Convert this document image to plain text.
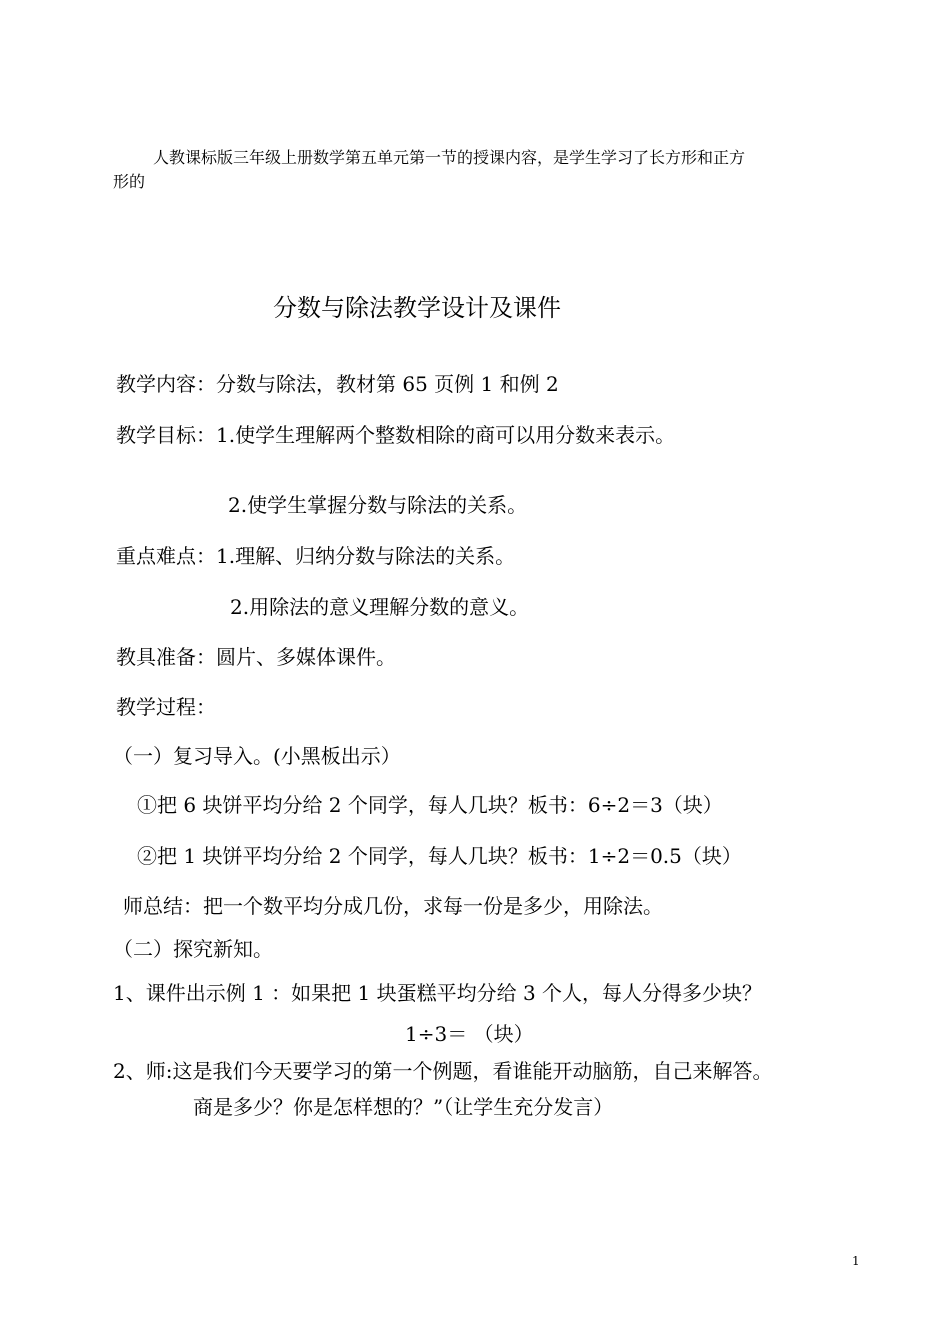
人教课标版三年级上册数学第五单元第一节的授课内容，是学生学习了长方形和正方
形的
分数与除法教学设计及课件
教学内容：分数与除法，教材第 65 页例 1 和例 2
教学目标：1.使学生理解两个整数相除的商可以用分数来表示。
2.使学生掌握分数与除法的关系。
重点难点：1.理解、归纳分数与除法的关系。
2.用除法的意义理解分数的意义。
教具准备：圆片、多媒体课件。
教学过程：
（一）复习导入。(小黑板出示）
①把 6 块饼平均分给 2 个同学，每人几块？板书：6÷2＝3（块）
②把 1 块饼平均分给 2 个同学，每人几块？板书：1÷2＝0.5（块）
师总结：把一个数平均分成几份，求每一份是多少，用除法。
（二）探究新知。
1、课件出示例 1 ：如果把 1 块蛋糕平均分给 3 个人，每人分得多少块？
1÷3＝ （块）
2、师:这是我们今天要学习的第一个例题，看谁能开动脑筋，自己来解答。
商是多少？你是怎样想的？”（让学生充分发言）
1
